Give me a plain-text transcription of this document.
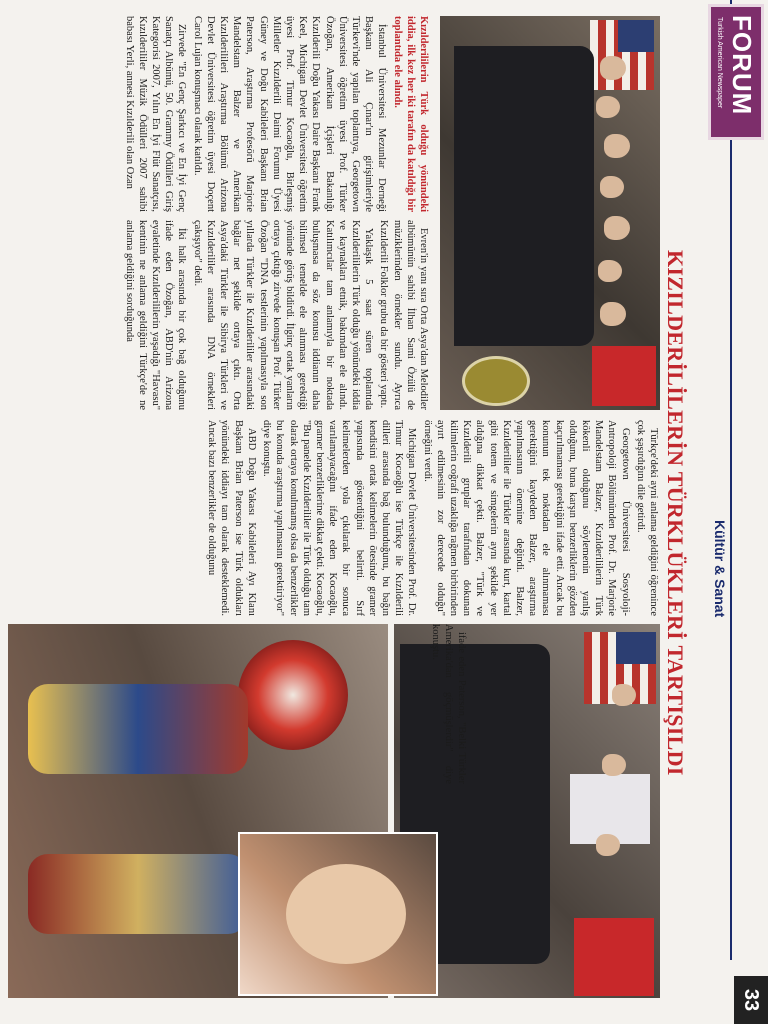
Kültür & Sanat
KIZILDERİLİLERİN TÜRKLÜKLERİ TARTIŞILDI
FORUM
Turkish American Newspaper

Kızılderililerin Türk olduğu yönündeki iddia, ilk kez her iki tarafın da katıldığı bir toplantıda ele alındı.

İstanbul Üniversitesi Mezunlar Derneği Başkanı Ali Çınar'ın girişimleriyle Türkevi'nde yapılan toplantıya, Georgetown Üniversitesi öğretim üyesi Prof. Türker Özoğan, Amerikan İçişleri Bakanlığı Kızılderili Doğu Yakası Daire Başkanı Frank Keel, Michigan Devlet Üniversitesi öğretim üyesi Prof. Timur Kocaoğlu, Birleşmiş Milletler Kızılderili Daimi Forumu Üyesi Güney ve Doğu Kabileleri Başkanı Brian Paterson, Araştırma Profesörü Marjorie Mandelstam Balzer ve Amerikan Kızılderilileri Araştırma Bölümü Arizona Devlet Üniversitesi öğretim üyesi Doçent Carol Lujan konuşmacı olarak katıldı.

Zirvede "En Genç Şarkıcı ve En İyi Genç Sanatçı Albümü, 50. Grammy Ödülleri Giriş Kategorisi 2007, Yılın En İyi Flüt Sanatçısı, Kızılderililer Müzik Ödülleri 2007 sahibi babası Yerli, annesi Kızılderili olan Ozan

Evren'in yanı sıra Orta Asya'dan Melodiler albümünün sahibi İlhan Sami Özülü de müziklerinden örnekler sundu. Ayrıca Kızılderili Folklor grubu da bir gösteri yaptı.

Yaklaşık 5 saat süren toplantıda Kızılderililerin Türk olduğu yönündeki iddia ve kaynakları etnik, bakımdan ele alındı. Katılımcılar tam anlamıyla bir noktada buluşmasa da söz konusu iddianın daha bilimsel temelde ele alınması gerektiği yönünde görüş bildirdi. İlginç ortak yanların ortaya çıktığı zirvede konuşan Prof. Türker Özoğan "DNA testlerinin yapılmasıyla son yıllarda Türkler ile Kızılderililer arasındaki bağlar net şekilde ortaya çıktı. Orta Asya'daki Türkler ile Sibirya Türkleri ve Kızılderililer arasında DNA örnekleri çakışıyor" dedi.

İki halk arasında bir çok bağ olduğunu ifade eden Özoğan, ABD'nin Arizona eyaletinde Kızılderililerin yaşadığı "Havasu" kentinin ne anlama geldiğini Türkçe'de ne anlama geldiğini sorduğunda

Türkçe'deki ayni anlama geldiğini öğrenince çok şaşırdığını dile getirdi.

Georgetown Üniversitesi Sosyoloji-Antropoloji Bölümünden Prof. Dr. Marjorie Mandelstam Balzer, Kızılderililerin Türk kökenli olduğunu söylemenin yanlış olduğunu, buna karşın benzerliklerin gözden kaçırılmaması gerektiğini ifade etti. Ancak bu konunun tek noktadan ele alınmaması gerektiğini kaydeden Balzer, araştırma yapılmasının önemine değindi. Balzer, Kızılderililer ile Türkler arasında kurt, kartal gibi totem ve simgelerin aynı şekilde yer aldığına dikkat çekti. Balzer, "Türk ve Kızılderili gruplar tarafından dokunan kilimlerin coğrafi uzaklığa rağmen birbirinden ayırt edilmesinin zor derecede olduğu" örneğini verdi.

Michigan Devlet Üniversitesinden Prof. Dr. Timur Kocaoğlu ise Türkçe ile Kızılderili dilleri arasında bağ bulunduğunu, bu bağın kendisini ortak kelimelerin ötesinde gramer yapısında gösterdiğini belirtti. Sırf kelimelerden yola çıkılarak bir sonuca varılamayacağını ifade eden Kocaoğlu, gramer benzerliklerine dikkat çekti. Kocaoğlu, "Bu panelde Kızılderililer ile Türk olduğu tam olarak ortaya konulmamış olsa da benzerlikler bu konuda araştırma yapılmasını gerektiriyor" diye konuştu.

ABD Doğu Yakası Kabileleri Ayı Klanı Başkanı Brian Paterson ise Türk oldukları yönündeki iddiayı tam olarak desteklemedi. Ancak bazı benzerlikler de olduğunu

ifade eden Paterson, "Belki Türkler Amerika'dan göçmüşlerdir" diye konuştu.

33
